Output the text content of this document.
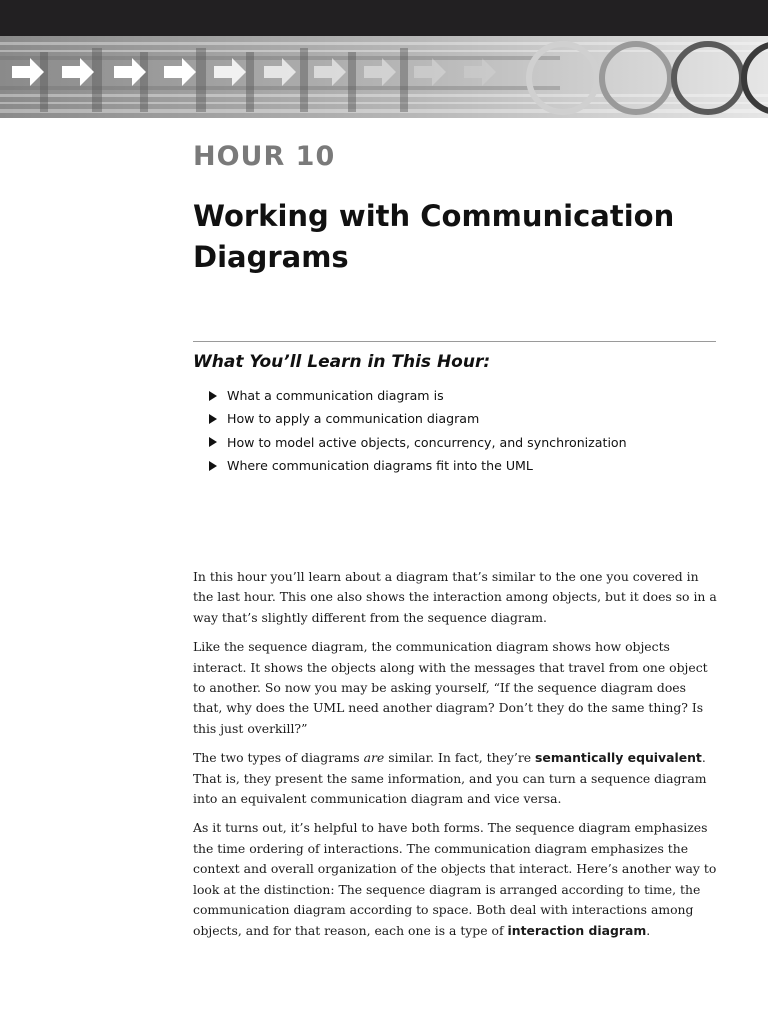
HOUR 10
Working with Communication
Diagrams
What You’ll Learn in This Hour:
What a communication diagram is
How to apply a communication diagram
How to model active objects, concurrency, and synchronization
Where communication diagrams fit into the UML

In this hour you’ll learn about a diagram that’s similar to the one you covered in the last hour. This one also shows the interaction among objects, but it does so in a way that’s slightly different from the sequence diagram.

Like the sequence diagram, the communication diagram shows how objects interact. It shows the objects along with the messages that travel from one object to another. So now you may be asking yourself, “If the sequence diagram does that, why does the UML need another diagram? Don’t they do the same thing? Is this just overkill?”

The two types of diagrams are similar. In fact, they’re semantically equivalent. That is, they present the same information, and you can turn a sequence diagram into an equivalent communication diagram and vice versa.

As it turns out, it’s helpful to have both forms. The sequence diagram emphasizes the time ordering of interactions. The communication diagram emphasizes the context and overall organization of the objects that interact. Here’s another way to look at the distinction: The sequence diagram is arranged according to time, the communication diagram according to space. Both deal with interactions among objects, and for that reason, each one is a type of interaction diagram.
